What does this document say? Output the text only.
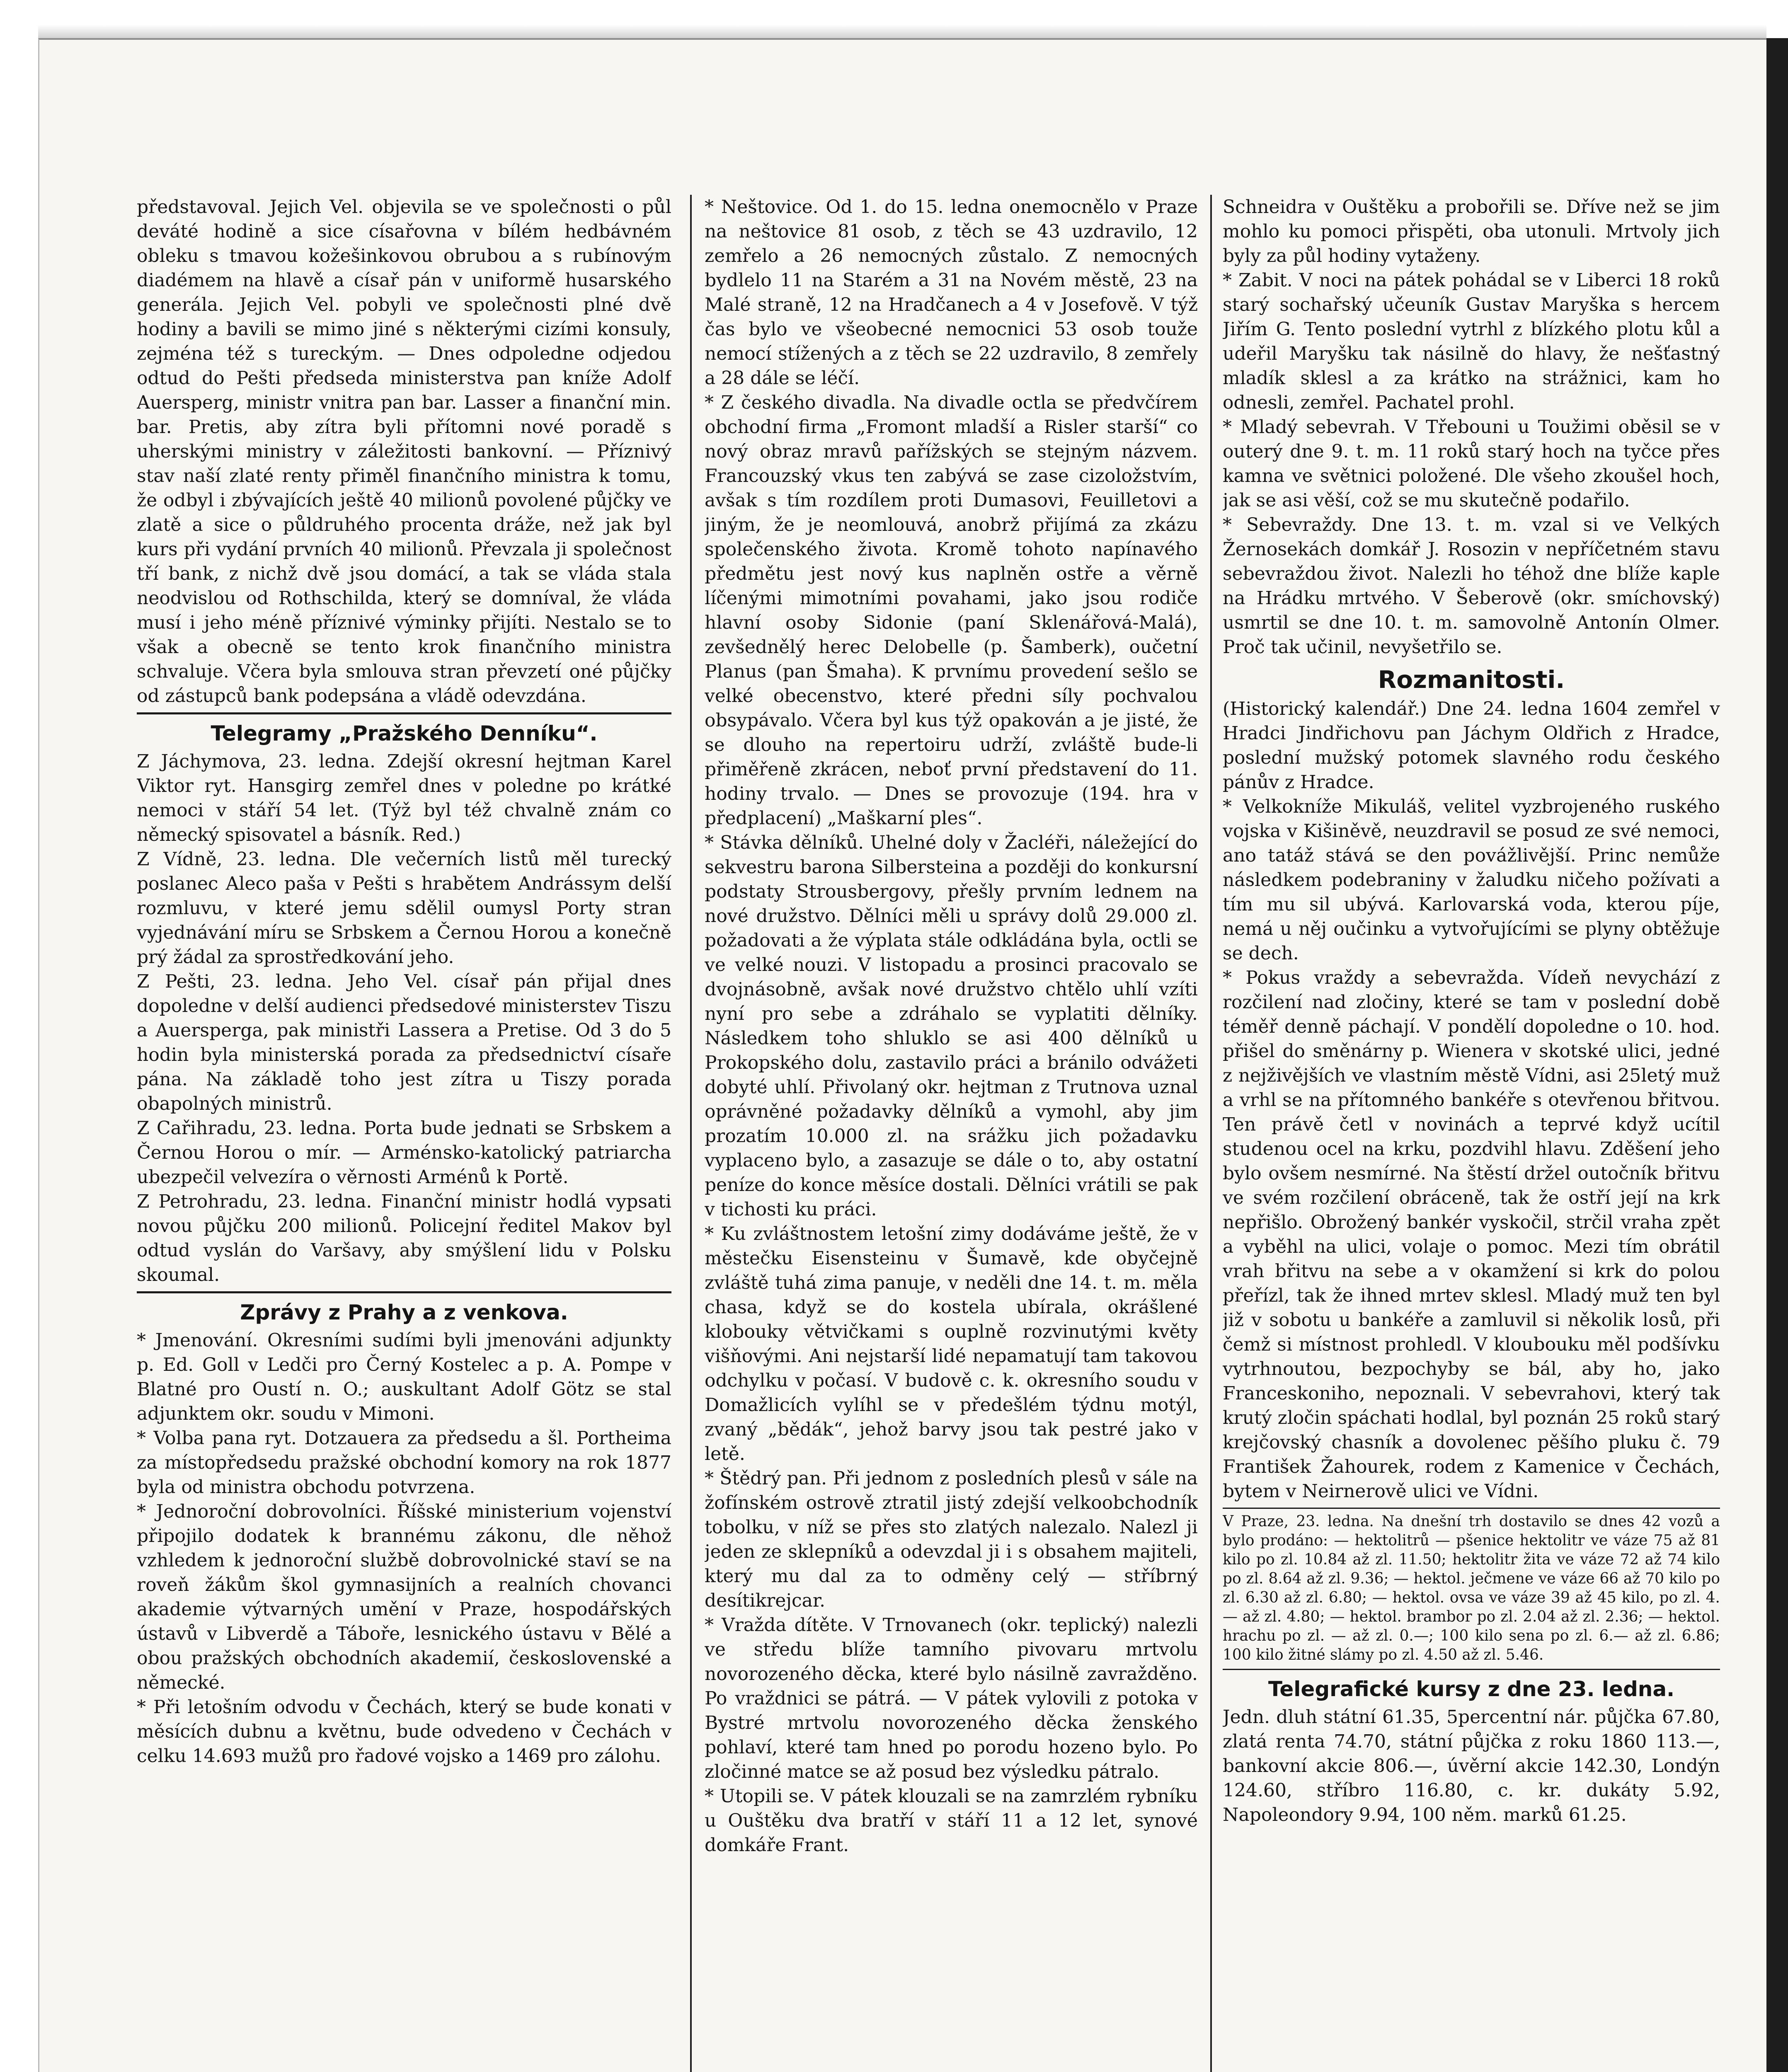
představoval. Jejich Vel. objevila se ve společnosti o půl deváté hodině a sice císařovna v bílém hedbávném obleku s tmavou kožešinkovou obrubou a s rubínovým diadémem na hlavě a císař pán v uniformě husarského generála. Jejich Vel. pobyli ve společnosti plné dvě hodiny a bavili se mimo jiné s některými cizími konsuly, zejména též s tureckým. — Dnes odpoledne odjedou odtud do Pešti předseda ministerstva pan kníže Adolf Auersperg, ministr vnitra pan bar. Lasser a finanční min. bar. Pretis, aby zítra byli přítomni nové poradě s uherskými ministry v záležitosti bankovní. — Příznivý stav naší zlaté renty přiměl finančního ministra k tomu, že odbyl i zbývajících ještě 40 milionů povolené půjčky ve zlatě a sice o půldruhého procenta dráže, než jak byl kurs při vydání prvních 40 milionů. Převzala ji společnost tří bank, z nichž dvě jsou domácí, a tak se vláda stala neodvislou od Rothschilda, který se domníval, že vláda musí i jeho méně příznivé výminky přijíti. Nestalo se to však a obecně se tento krok finančního ministra schvaluje. Včera byla smlouva stran převzetí oné půjčky od zástupců bank podepsána a vládě odevzdána.

Telegramy „Pražského Denníku“.

Z Jáchymova, 23. ledna. Zdejší okresní hejtman Karel Viktor ryt. Hansgirg zemřel dnes v poledne po krátké nemoci v stáří 54 let. (Týž byl též chvalně znám co německý spisovatel a básník. Red.)

Z Vídně, 23. ledna. Dle večerních listů měl turecký poslanec Aleco paša v Pešti s hrabětem Andrássym delší rozmluvu, v které jemu sdělil oumysl Porty stran vyjednávání míru se Srbskem a Černou Horou a konečně prý žádal za sprostředkování jeho.

Z Pešti, 23. ledna. Jeho Vel. císař pán přijal dnes dopoledne v delší audienci předsedové ministerstev Tiszu a Auersperga, pak ministři Lassera a Pretise. Od 3 do 5 hodin byla ministerská porada za předsednictví císaře pána. Na základě toho jest zítra u Tiszy porada obapolných ministrů.

Z Cařihradu, 23. ledna. Porta bude jednati se Srbskem a Černou Horou o mír. — Arménsko-katolický patriarcha ubezpečil velvezíra o věrnosti Arménů k Portě.

Z Petrohradu, 23. ledna. Finanční ministr hodlá vypsati novou půjčku 200 milionů. Policejní ředitel Makov byl odtud vyslán do Varšavy, aby smýšlení lidu v Polsku skoumal.

Zprávy z Prahy a z venkova.

* Jmenování. Okresními sudími byli jmenováni adjunkty p. Ed. Goll v Ledči pro Černý Kostelec a p. A. Pompe v Blatné pro Oustí n. O.; auskultant Adolf Götz se stal adjunktem okr. soudu v Mimoni.

* Volba pana ryt. Dotzauera za předsedu a šl. Portheima za místopředsedu pražské obchodní komory na rok 1877 byla od ministra obchodu potvrzena.

* Jednoroční dobrovolníci. Říšské ministerium vojenství připojilo dodatek k brannému zákonu, dle něhož vzhledem k jednoroční službě dobrovolnické staví se na roveň žákům škol gymnasijních a realních chovanci akademie výtvarných umění v Praze, hospodářských ústavů v Libverdě a Táboře, lesnického ústavu v Bělé a obou pražských obchodních akademií, československé a německé.

* Při letošním odvodu v Čechách, který se bude konati v měsících dubnu a květnu, bude odvedeno v Čechách v celku 14.693 mužů pro řadové vojsko a 1469 pro zálohu.

* Neštovice. Od 1. do 15. ledna onemocnělo v Praze na neštovice 81 osob, z těch se 43 uzdravilo, 12 zemřelo a 26 nemocných zůstalo. Z nemocných bydlelo 11 na Starém a 31 na Novém městě, 23 na Malé straně, 12 na Hradčanech a 4 v Josefově. V týž čas bylo ve všeobecné nemocnici 53 osob touže nemocí stížených a z těch se 22 uzdravilo, 8 zemřely a 28 dále se léčí.

* Z českého divadla. Na divadle octla se předvčírem obchodní firma „Fromont mladší a Risler starší“ co nový obraz mravů pařížských se stejným názvem. Francouzský vkus ten zabývá se zase cizoložstvím, avšak s tím rozdílem proti Dumasovi, Feuilletovi a jiným, že je neomlouvá, anobrž přijímá za zkázu společenského života. Kromě tohoto napínavého předmětu jest nový kus naplněn ostře a věrně líčenými mimotními povahami, jako jsou rodiče hlavní osoby Sidonie (paní Sklenářová-Malá), zevšednělý herec Delobelle (p. Šamberk), oučetní Planus (pan Šmaha). K prvnímu provedení sešlo se velké obecenstvo, které předni síly pochvalou obsypávalo. Včera byl kus týž opakován a je jisté, že se dlouho na repertoiru udrží, zvláště bude-li přiměřeně zkrácen, neboť první představení do 11. hodiny trvalo. — Dnes se provozuje (194. hra v předplacení) „Maškarní ples“.

* Stávka dělníků. Uhelné doly v Žacléři, náležející do sekvestru barona Silbersteina a později do konkursní podstaty Strousbergovy, přešly prvním lednem na nové družstvo. Dělníci měli u správy dolů 29.000 zl. požadovati a že výplata stále odkládána byla, octli se ve velké nouzi. V listopadu a prosinci pracovalo se dvojnásobně, avšak nové družstvo chtělo uhlí vzíti nyní pro sebe a zdráhalo se vyplatiti dělníky. Následkem toho shluklo se asi 400 dělníků u Prokopského dolu, zastavilo práci a bránilo odvážeti dobyté uhlí. Přivolaný okr. hejtman z Trutnova uznal oprávněné požadavky dělníků a vymohl, aby jim prozatím 10.000 zl. na srážku jich požadavku vyplaceno bylo, a zasazuje se dále o to, aby ostatní peníze do konce měsíce dostali. Dělníci vrátili se pak v tichosti ku práci.

* Ku zvláštnostem letošní zimy dodáváme ještě, že v městečku Eisensteinu v Šumavě, kde obyčejně zvláště tuhá zima panuje, v neděli dne 14. t. m. měla chasa, když se do kostela ubírala, okrášlené klobouky větvičkami s ouplně rozvinutými květy višňovými. Ani nejstarší lidé nepamatují tam takovou odchylku v počasí. V budově c. k. okresního soudu v Domažlicích vylíhl se v předešlém týdnu motýl, zvaný „bědák“, jehož barvy jsou tak pestré jako v letě.

* Štědrý pan. Při jednom z posledních plesů v sále na žofínském ostrově ztratil jistý zdejší velkoobchodník tobolku, v níž se přes sto zlatých nalezalo. Nalezl ji jeden ze sklepníků a odevzdal ji i s obsahem majiteli, který mu dal za to odměny celý — stříbrný desítikrejcar.

* Vražda dítěte. V Trnovanech (okr. teplický) nalezli ve středu blíže tamního pivovaru mrtvolu novorozeného děcka, které bylo násilně zavražděno. Po vraždnici se pátrá. — V pátek vylovili z potoka v Bystré mrtvolu novorozeného děcka ženského pohlaví, které tam hned po porodu hozeno bylo. Po zločinné matce se až posud bez výsledku pátralo.

* Utopili se. V pátek klouzali se na zamrzlém rybníku u Ouštěku dva bratří v stáří 11 a 12 let, synové domkáře Frant.

Schneidra v Ouštěku a probořili se. Dříve než se jim mohlo ku pomoci přispěti, oba utonuli. Mrtvoly jich byly za půl hodiny vytaženy.

* Zabit. V noci na pátek pohádal se v Liberci 18 roků starý sochařský učeuník Gustav Maryška s hercem Jiřím G. Tento poslední vytrhl z blízkého plotu kůl a udeřil Maryšku tak násilně do hlavy, že nešťastný mladík sklesl a za krátko na strážnici, kam ho odnesli, zemřel. Pachatel prohl.

* Mladý sebevrah. V Třebouni u Toužimi oběsil se v outerý dne 9. t. m. 11 roků starý hoch na tyčce přes kamna ve světnici položené. Dle všeho zkoušel hoch, jak se asi věší, což se mu skutečně podařilo.

* Sebevraždy. Dne 13. t. m. vzal si ve Velkých Žernosekách domkář J. Rosozin v nepříčetném stavu sebevraždou život. Nalezli ho téhož dne blíže kaple na Hrádku mrtvého. V Šeberově (okr. smíchovský) usmrtil se dne 10. t. m. samovolně Antonín Olmer. Proč tak učinil, nevyšetřilo se.

Rozmanitosti.

(Historický kalendář.) Dne 24. ledna 1604 zemřel v Hradci Jindřichovu pan Jáchym Oldřich z Hradce, poslední mužský potomek slavného rodu českého pánův z Hradce.

* Velkokníže Mikuláš, velitel vyzbrojeného ruského vojska v Kišiněvě, neuzdravil se posud ze své nemoci, ano tatáž stává se den povážlivější. Princ nemůže následkem podebraniny v žaludku ničeho požívati a tím mu sil ubývá. Karlovarská voda, kterou píje, nemá u něj oučinku a vytvořujícími se plyny obtěžuje se dech.

* Pokus vraždy a sebevražda. Vídeň nevychází z rozčilení nad zločiny, které se tam v poslední době téměř denně páchají. V pondělí dopoledne o 10. hod. přišel do směnárny p. Wienera v skotské ulici, jedné z nejživějších ve vlastním městě Vídni, asi 25letý muž a vrhl se na přítomného bankéře s otevřenou břitvou. Ten právě četl v novinách a teprvé když ucítil studenou ocel na krku, pozdvihl hlavu. Zděšení jeho bylo ovšem nesmírné. Na štěstí držel outočník břitvu ve svém rozčilení obráceně, tak že ostří její na krk nepřišlo. Obrožený bankér vyskočil, strčil vraha zpět a vyběhl na ulici, volaje o pomoc. Mezi tím obrátil vrah břitvu na sebe a v okamžení si krk do polou přeřízl, tak že ihned mrtev sklesl. Mladý muž ten byl již v sobotu u bankéře a zamluvil si několik losů, při čemž si místnost prohledl. V kloubouku měl podšívku vytrhnoutou, bezpochyby se bál, aby ho, jako Franceskoniho, nepoznali. V sebevrahovi, který tak krutý zločin spáchati hodlal, byl poznán 25 roků starý krejčovský chasník a dovolenec pěšího pluku č. 79 František Žahourek, rodem z Kamenice v Čechách, bytem v Neirnerově ulici ve Vídni.

V Praze, 23. ledna. Na dnešní trh dostavilo se dnes 42 vozů a bylo prodáno: — hektolitrů — pšenice hektolitr ve váze 75 až 81 kilo po zl. 10.84 až zl. 11.50; hektolitr žita ve váze 72 až 74 kilo po zl. 8.64 až zl. 9.36; — hektol. ječmene ve váze 66 až 70 kilo po zl. 6.30 až zl. 6.80; — hektol. ovsa ve váze 39 až 45 kilo, po zl. 4.— až zl. 4.80; — hektol. brambor po zl. 2.04 až zl. 2.36; — hektol. hrachu po zl. — až zl. 0.—; 100 kilo sena po zl. 6.— až zl. 6.86; 100 kilo žitné slámy po zl. 4.50 až zl. 5.46.

Telegrafické kursy z dne 23. ledna.

Jedn. dluh státní 61.35, 5percentní nár. půjčka 67.80, zlatá renta 74.70, státní půjčka z roku 1860 113.—, bankovní akcie 806.—, úvěrní akcie 142.30, Londýn 124.60, stříbro 116.80, c. kr. dukáty 5.92, Napoleondory 9.94, 100 něm. marků 61.25.
